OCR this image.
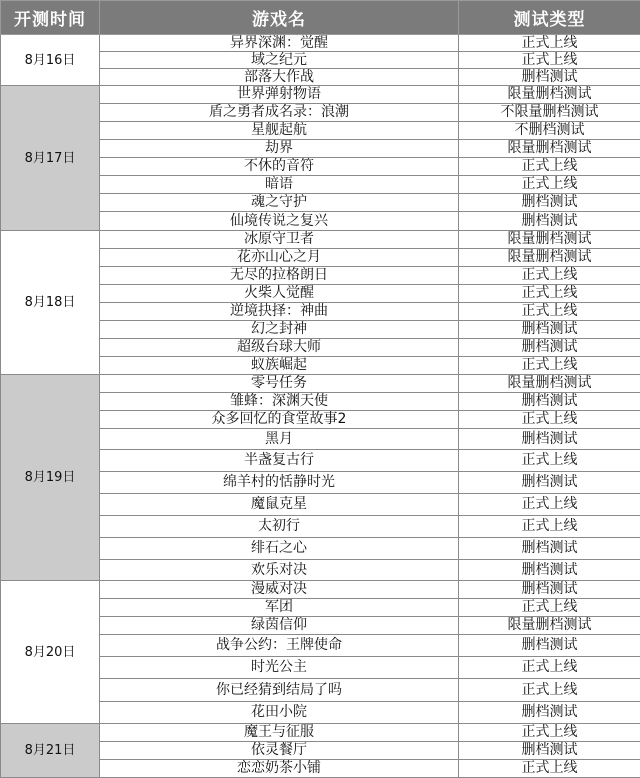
开测时间	游戏名	测试类型
8月16日	异界深渊：觉醒	正式上线
	域之纪元	正式上线
	部落大作战	删档测试
8月17日	世界弹射物语	限量删档测试
	盾之勇者成名录：浪潮	不限量删档测试
	星舰起航	不删档测试
	劫界	限量删档测试
	不休的音符	正式上线
	暗语	正式上线
	魂之守护	删档测试
	仙境传说之复兴	删档测试
8月18日	冰原守卫者	限量删档测试
	花亦山心之月	限量删档测试
	无尽的拉格朗日	正式上线
	火柴人觉醒	正式上线
	逆境抉择：神曲	正式上线
	幻之封神	删档测试
	超级台球大师	删档测试
	蚁族崛起	正式上线
8月19日	零号任务	限量删档测试
	雏蜂：深渊天使	删档测试
	众多回忆的食堂故事2	正式上线
	黑月	删档测试
	半盏复古行	正式上线
	绵羊村的恬静时光	删档测试
	魔鼠克星	正式上线
	太初行	正式上线
	绯石之心	删档测试
	欢乐对决	删档测试
8月20日	漫威对决	删档测试
	军团	正式上线
	绿茵信仰	限量删档测试
	战争公约：王牌使命	删档测试
	时光公主	正式上线
	你已经猜到结局了吗	正式上线
	花田小院	删档测试
8月21日	魔王与征服	正式上线
	依灵餐厅	删档测试
	恋恋奶茶小铺	正式上线
